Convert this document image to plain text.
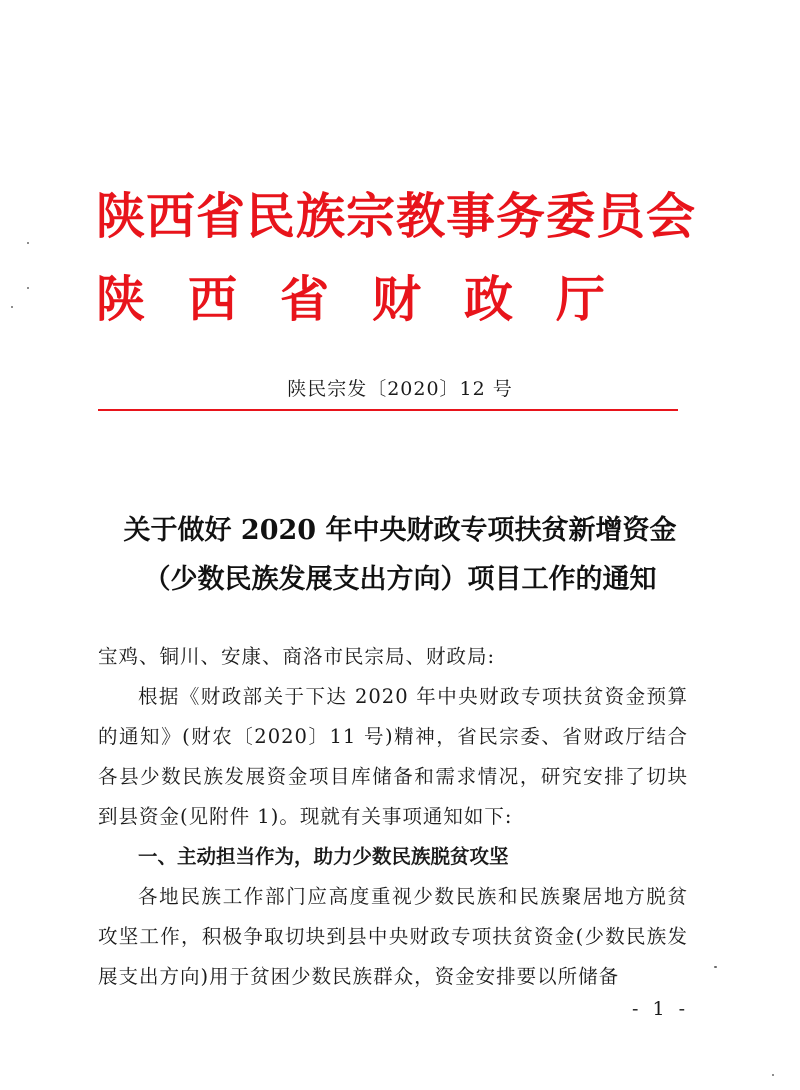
陕西省民族宗教事务委员会
陕西省财政厅
陕民宗发〔2020〕12 号
关于做好 2020 年中央财政专项扶贫新增资金
（少数民族发展支出方向）项目工作的通知

宝鸡、铜川、安康、商洛市民宗局、财政局:

根据《财政部关于下达 2020 年中央财政专项扶贫资金预算的通知》(财农〔2020〕11 号)精神，省民宗委、省财政厅结合各县少数民族发展资金项目库储备和需求情况，研究安排了切块到县资金(见附件 1)。现就有关事项通知如下:

一、主动担当作为，助力少数民族脱贫攻坚

各地民族工作部门应高度重视少数民族和民族聚居地方脱贫攻坚工作，积极争取切块到县中央财政专项扶贫资金(少数民族发展支出方向)用于贫困少数民族群众，资金安排要以所储备

- 1 -
